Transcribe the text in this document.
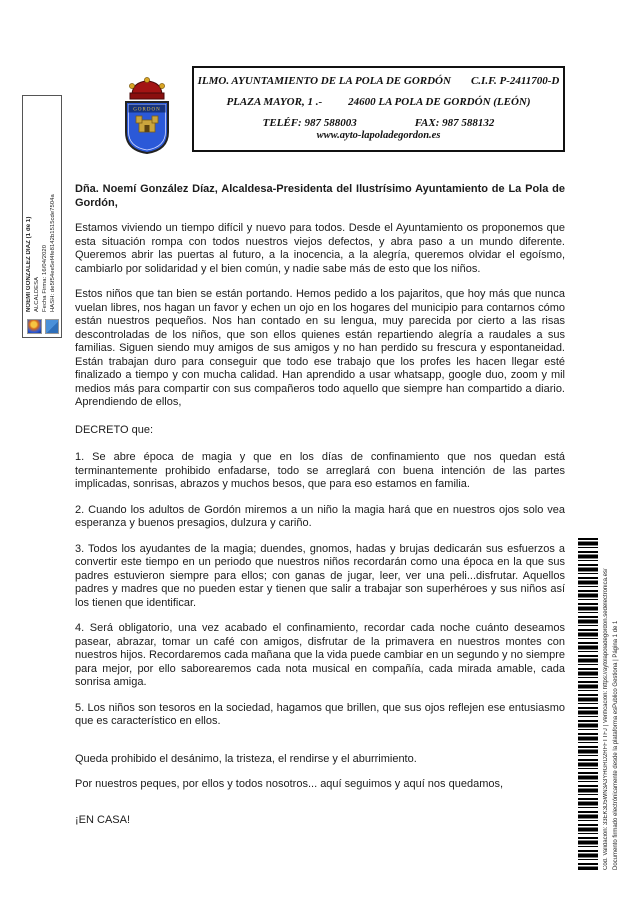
NOEMI GONZALEZ DIAZ (1 de 1) ALCALDESA Fecha Firma: 16/04/2020 HASH: de5f54ee5ef4fe8142b1515cde7504a
GORDON
ILMO. AYUNTAMIENTO DE LA POLA DE GORDÓN C.I.F. P-2411700-D
PLAZA MAYOR, 1 .- 24600 LA POLA DE GORDÓN (LEÓN)
TELÉF: 987 588003	FAX: 987 588132
www.ayto-lapoladegordon.es

Dña. Noemí González Díaz, Alcaldesa-Presidenta del Ilustrísimo Ayuntamiento de La Pola de Gordón,

Estamos viviendo un tiempo difícil y nuevo para todos. Desde el Ayuntamiento os proponemos que esta situación rompa con todos nuestros viejos defectos, y abra paso a un mundo diferente. Queremos abrir las puertas al futuro, a la inocencia, a la alegría, queremos olvidar el egoísmo, cambiarlo por solidaridad y el bien común, y nadie sabe más de esto que los niños.

Estos niños que tan bien se están portando. Hemos pedido a los pajaritos, que hoy más que nunca vuelan libres, nos hagan un favor y echen un ojo en los hogares del municipio para contarnos cómo están nuestros pequeños. Nos han contado en su lengua, muy parecida por cierto a las risas descontroladas de los niños, que son ellos quienes están repartiendo alegría a raudales a sus familias. Siguen siendo muy amigos de sus amigos y no han perdido su frescura y espontaneidad. Están trabajan duro para conseguir que todo ese trabajo que los profes les hacen llegar esté finalizado a tiempo y con mucha calidad. Han aprendido a usar whatsapp, google duo, zoom y mil medios más para compartir con sus compañeros todo aquello que siempre han compartido a diario. Aprendiendo de ellos,

DECRETO que:

1. Se abre época de magia y que en los días de confinamiento que nos quedan está terminantemente prohibido enfadarse, todo se arreglará con buena intención de las partes implicadas, sonrisas, abrazos y muchos besos, que para eso estamos en familia.

2. Cuando los adultos de Gordón miremos a un niño la magia hará que en nuestros ojos solo vea esperanza y buenos presagios, dulzura y cariño.

3. Todos los ayudantes de la magia; duendes, gnomos, hadas y brujas dedicarán sus esfuerzos a convertir este tiempo en un periodo que nuestros niños recordarán como una época en la que sus padres estuvieron siempre para ellos; con ganas de jugar, leer, ver una peli...disfrutar. Aquellos padres y madres que no pueden estar y tienen que salir a trabajar son superhéroes y sus niños así los tienen que identificar.

4. Será obligatorio, una vez acabado el confinamiento, recordar cada noche cuánto deseamos pasear, abrazar, tomar un café con amigos, disfrutar de la primavera en nuestros montes con nuestros hijos. Recordaremos cada mañana que la vida puede cambiar en un segundo y no siempre para mejor, por ello saborearemos cada nota musical en compañía, cada mirada amable, cada sonrisa amiga.

5. Los niños son tesoros en la sociedad, hagamos que brillen, que sus ojos reflejen ese entusiasmo que es característico en ellos.

Queda prohibido el desánimo, la tristeza, el rendirse y el aburrimiento.

Por nuestros peques, por ellos y todos nosotros... aquí seguimos y aquí nos quedamos,

¡EN CASA!	Cód. Validación: 33EK3D5WN3A3YHGRD2RFFTTFJ | Verificación: https://aytolapoladegordon.sedelectronica.es/ Documento firmado electrónicamente desde la plataforma esPublico Gestiona | Página 1 de 1
